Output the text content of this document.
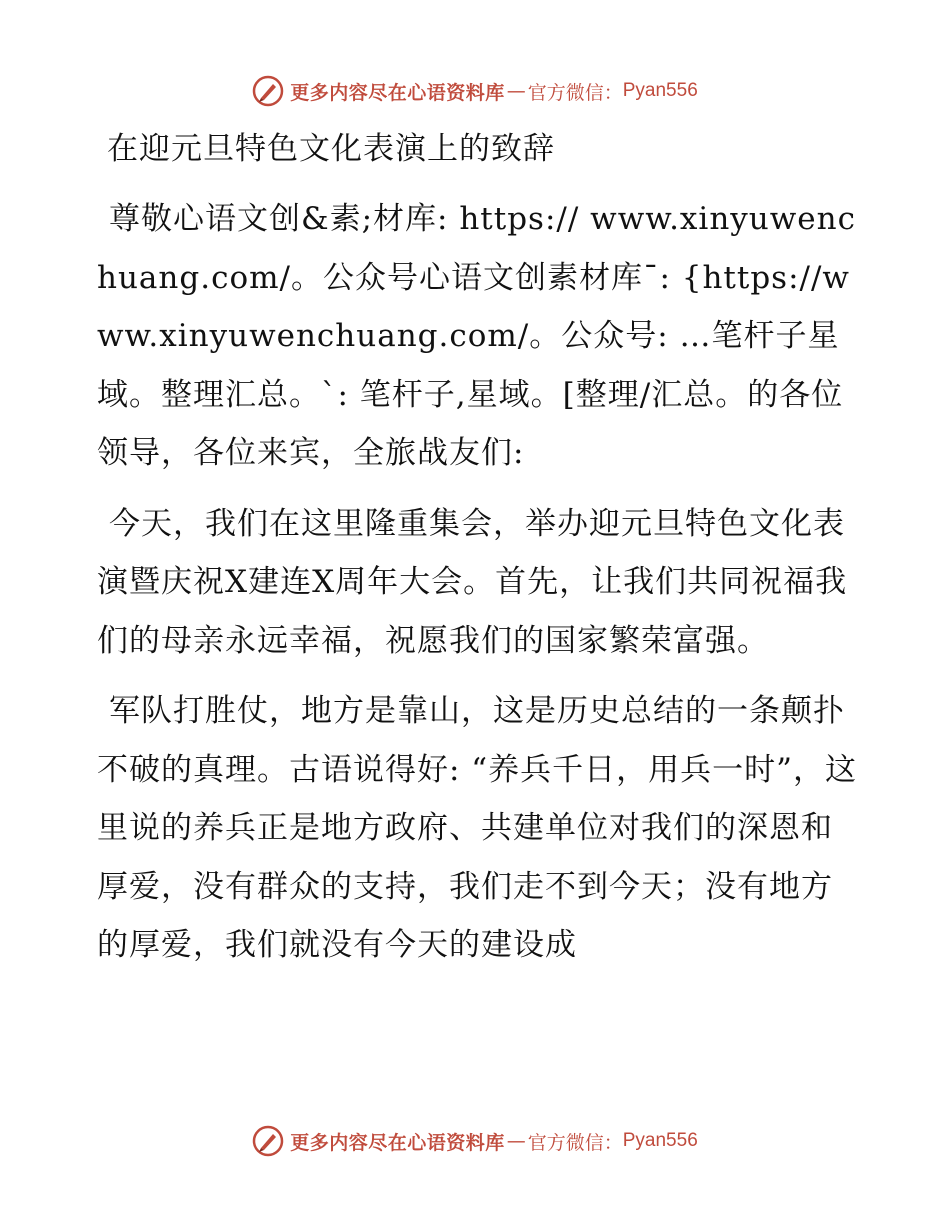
更多内容尽在心语资料库 — 官方微信： Pyan556
在迎元旦特色文化表演上的致辞

尊敬心语文创&素;材库: https:// www.xinyuwenchuang.com/。公众号心语文创素材库¯: {https://www.xinyuwenchuang.com/。公众号: …笔杆子星域。整理汇总。`: 笔杆子,星域。[整理/汇总。的各位领导，各位来宾，全旅战友们:

今天，我们在这里隆重集会，举办迎元旦特色文化表演暨庆祝X建连X周年大会。首先，让我们共同祝福我们的母亲永远幸福，祝愿我们的国家繁荣富强。

军队打胜仗，地方是靠山，这是历史总结的一条颠扑不破的真理。古语说得好: “养兵千日，用兵一时”，这里说的养兵正是地方政府、共建单位对我们的深恩和厚爱，没有群众的支持，我们走不到今天；没有地方的厚爱，我们就没有今天的建设成

更多内容尽在心语资料库 — 官方微信： Pyan556
